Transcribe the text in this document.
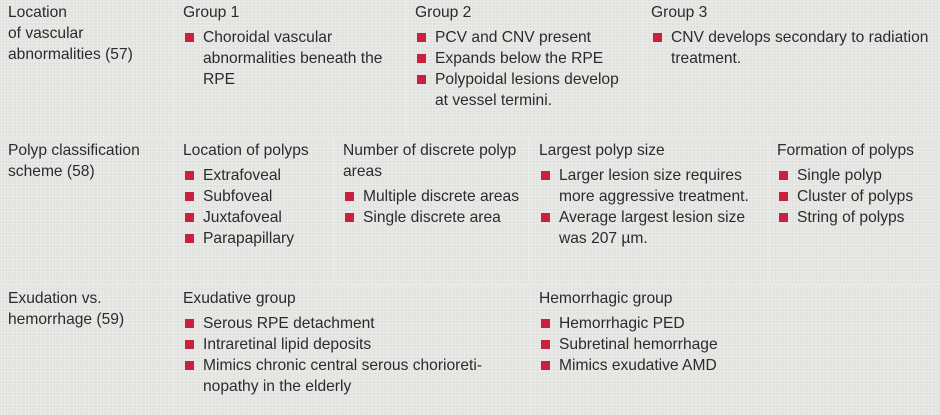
Location
of vascular
abnormalities (57)
Group 1
Choroidal vascular abnormalities beneath the RPE
Group 2
PCV and CNV present
Expands below the RPE
Polypoidal lesions develop at vessel termini.
Group 3
CNV develops secondary to radiation treatment.
Polyp classification scheme (58)
Location of polyps
Extrafoveal
Subfoveal
Juxtafoveal
Parapapillary
Number of discrete polyp areas
Multiple discrete areas
Single discrete area
Largest polyp size
Larger lesion size requires more aggressive treatment.
Average largest lesion size was 207 µm.
Formation of polyps
Single polyp
Cluster of polyps
String of polyps
Exudation vs.
hemorrhage (59)
Exudative group
Serous RPE detachment
Intraretinal lipid deposits
Mimics chronic central serous chorioreti-
nopathy in the elderly
Hemorrhagic group
Hemorrhagic PED
Subretinal hemorrhage
Mimics exudative AMD
